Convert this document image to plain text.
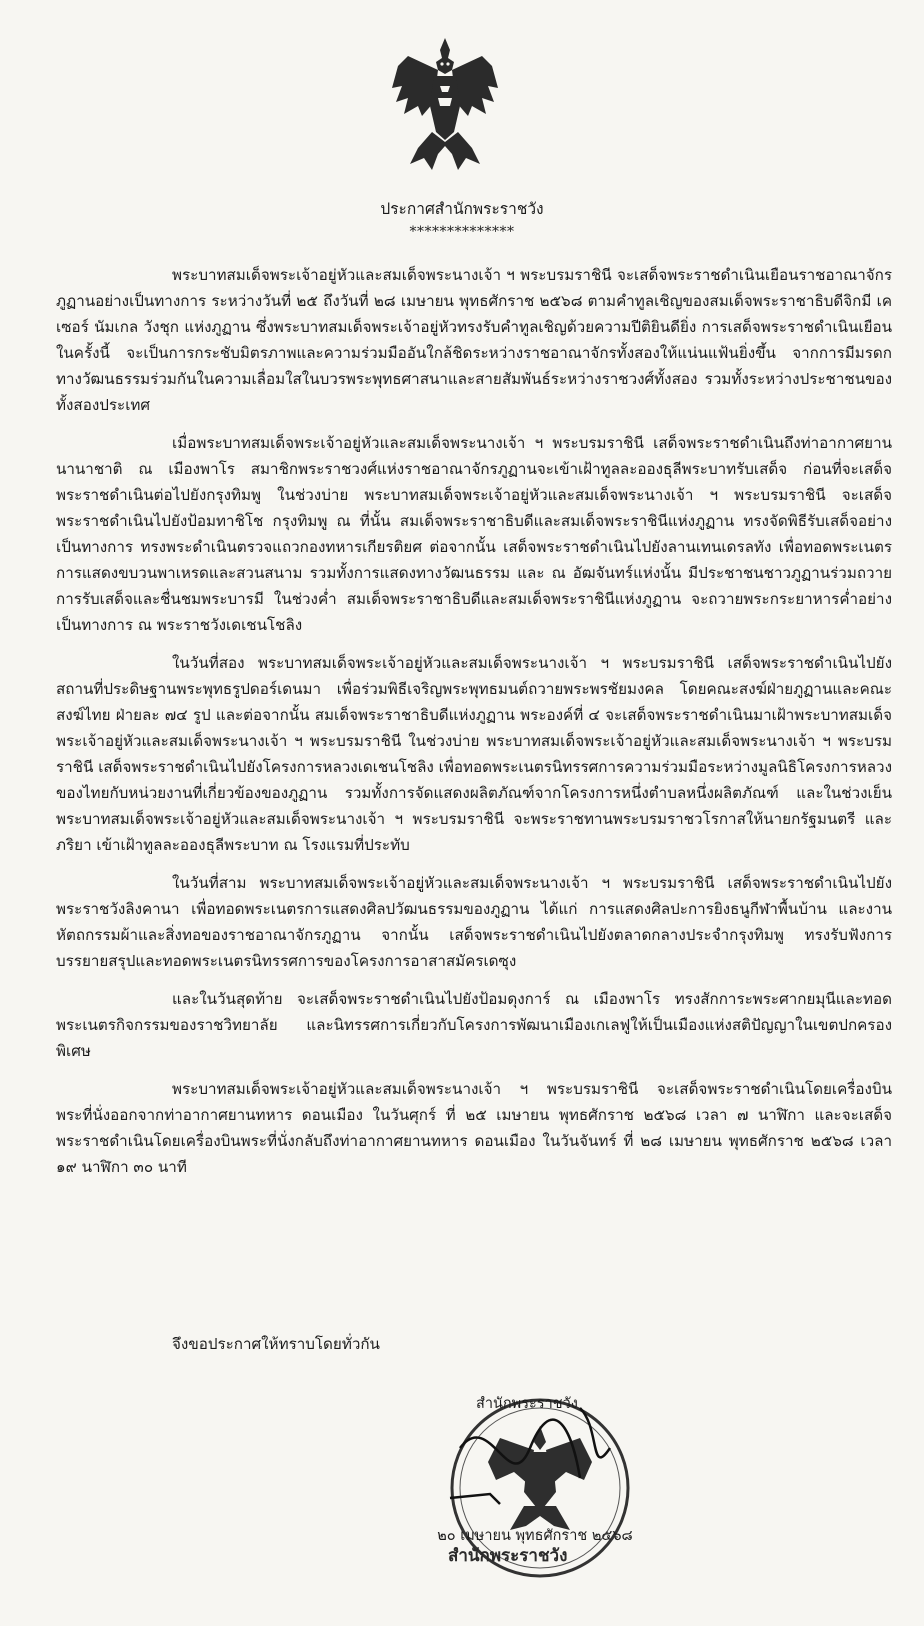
ประกาศสำนักพระราชวัง
**************

พระบาทสมเด็จพระเจ้าอยู่หัวและสมเด็จพระนางเจ้า ฯ พระบรมราชินี จะเสด็จพระราชดำเนินเยือนราชอาณาจักรภูฏานอย่างเป็นทางการ ระหว่างวันที่ ๒๕ ถึงวันที่ ๒๘ เมษายน พุทธศักราช ๒๕๖๘ ตามคำทูลเชิญของสมเด็จพระราชาธิบดีจิกมี เคเซอร์ นัมเกล วังชุก แห่งภูฏาน ซึ่งพระบาทสมเด็จพระเจ้าอยู่หัวทรงรับคำทูลเชิญด้วยความปีติยินดียิ่ง การเสด็จพระราชดำเนินเยือนในครั้งนี้ จะเป็นการกระชับมิตรภาพและความร่วมมืออันใกล้ชิดระหว่างราชอาณาจักรทั้งสองให้แน่นแฟ้นยิ่งขึ้น จากการมีมรดกทางวัฒนธรรมร่วมกันในความเลื่อมใสในบวรพระพุทธศาสนาและสายสัมพันธ์ระหว่างราชวงศ์ทั้งสอง รวมทั้งระหว่างประชาชนของทั้งสองประเทศ

เมื่อพระบาทสมเด็จพระเจ้าอยู่หัวและสมเด็จพระนางเจ้า ฯ พระบรมราชินี เสด็จพระราชดำเนินถึงท่าอากาศยานนานาชาติ ณ เมืองพาโร สมาชิกพระราชวงศ์แห่งราชอาณาจักรภูฏานจะเข้าเฝ้าทูลละอองธุลีพระบาทรับเสด็จ ก่อนที่จะเสด็จพระราชดำเนินต่อไปยังกรุงทิมพู ในช่วงบ่าย พระบาทสมเด็จพระเจ้าอยู่หัวและสมเด็จพระนางเจ้า ฯ พระบรมราชินี จะเสด็จพระราชดำเนินไปยังป้อมทาชิโช กรุงทิมพู ณ ที่นั้น สมเด็จพระราชาธิบดีและสมเด็จพระราชินีแห่งภูฏาน ทรงจัดพิธีรับเสด็จอย่างเป็นทางการ ทรงพระดำเนินตรวจแถวกองทหารเกียรติยศ ต่อจากนั้น เสด็จพระราชดำเนินไปยังลานเทนเดรลทัง เพื่อทอดพระเนตรการแสดงขบวนพาเหรดและสวนสนาม รวมทั้งการแสดงทางวัฒนธรรม และ ณ อัฒจันทร์แห่งนั้น มีประชาชนชาวภูฏานร่วมถวายการรับเสด็จและชื่นชมพระบารมี ในช่วงค่ำ สมเด็จพระราชาธิบดีและสมเด็จพระราชินีแห่งภูฏาน จะถวายพระกระยาหารค่ำอย่างเป็นทางการ ณ พระราชวังเดเชนโชลิง

ในวันที่สอง พระบาทสมเด็จพระเจ้าอยู่หัวและสมเด็จพระนางเจ้า ฯ พระบรมราชินี เสด็จพระราชดำเนินไปยังสถานที่ประดิษฐานพระพุทธรูปดอร์เดนมา เพื่อร่วมพิธีเจริญพระพุทธมนต์ถวายพระพรชัยมงคล โดยคณะสงฆ์ฝ่ายภูฏานและคณะสงฆ์ไทย ฝ่ายละ ๗๔ รูป และต่อจากนั้น สมเด็จพระราชาธิบดีแห่งภูฏาน พระองค์ที่ ๔ จะเสด็จพระราชดำเนินมาเฝ้าพระบาทสมเด็จพระเจ้าอยู่หัวและสมเด็จพระนางเจ้า ฯ พระบรมราชินี ในช่วงบ่าย พระบาทสมเด็จพระเจ้าอยู่หัวและสมเด็จพระนางเจ้า ฯ พระบรมราชินี เสด็จพระราชดำเนินไปยังโครงการหลวงเดเชนโชลิง เพื่อทอดพระเนตรนิทรรศการความร่วมมือระหว่างมูลนิธิโครงการหลวงของไทยกับหน่วยงานที่เกี่ยวข้องของภูฏาน รวมทั้งการจัดแสดงผลิตภัณฑ์จากโครงการหนึ่งตำบลหนึ่งผลิตภัณฑ์ และในช่วงเย็น พระบาทสมเด็จพระเจ้าอยู่หัวและสมเด็จพระนางเจ้า ฯ พระบรมราชินี จะพระราชทานพระบรมราชวโรกาสให้นายกรัฐมนตรี และภริยา เข้าเฝ้าทูลละอองธุลีพระบาท ณ โรงแรมที่ประทับ

ในวันที่สาม พระบาทสมเด็จพระเจ้าอยู่หัวและสมเด็จพระนางเจ้า ฯ พระบรมราชินี เสด็จพระราชดำเนินไปยังพระราชวังลิงคานา เพื่อทอดพระเนตรการแสดงศิลปวัฒนธรรมของภูฏาน ได้แก่ การแสดงศิลปะการยิงธนูกีฬาพื้นบ้าน และงานหัตถกรรมผ้าและสิ่งทอของราชอาณาจักรภูฏาน จากนั้น เสด็จพระราชดำเนินไปยังตลาดกลางประจำกรุงทิมพู ทรงรับฟังการบรรยายสรุปและทอดพระเนตรนิทรรศการของโครงการอาสาสมัครเดซุง

และในวันสุดท้าย จะเสด็จพระราชดำเนินไปยังป้อมดุงการ์ ณ เมืองพาโร ทรงสักการะพระศากยมุนีและทอดพระเนตรกิจกรรมของราชวิทยาลัย และนิทรรศการเกี่ยวกับโครงการพัฒนาเมืองเกเลฟูให้เป็นเมืองแห่งสติปัญญาในเขตปกครองพิเศษ

พระบาทสมเด็จพระเจ้าอยู่หัวและสมเด็จพระนางเจ้า ฯ พระบรมราชินี จะเสด็จพระราชดำเนินโดยเครื่องบินพระที่นั่งออกจากท่าอากาศยานทหาร ดอนเมือง ในวันศุกร์ ที่ ๒๕ เมษายน พุทธศักราช ๒๕๖๘ เวลา ๗ นาฬิกา และจะเสด็จพระราชดำเนินโดยเครื่องบินพระที่นั่งกลับถึงท่าอากาศยานทหาร ดอนเมือง ในวันจันทร์ ที่ ๒๘ เมษายน พุทธศักราช ๒๕๖๘ เวลา ๑๙ นาฬิกา ๓๐ นาที

จึงขอประกาศให้ทราบโดยทั่วกัน
สำนักพระราชวัง
๒๐ เมษายน พุทธศักราช ๒๕๖๘
สำนักพระราชวัง
